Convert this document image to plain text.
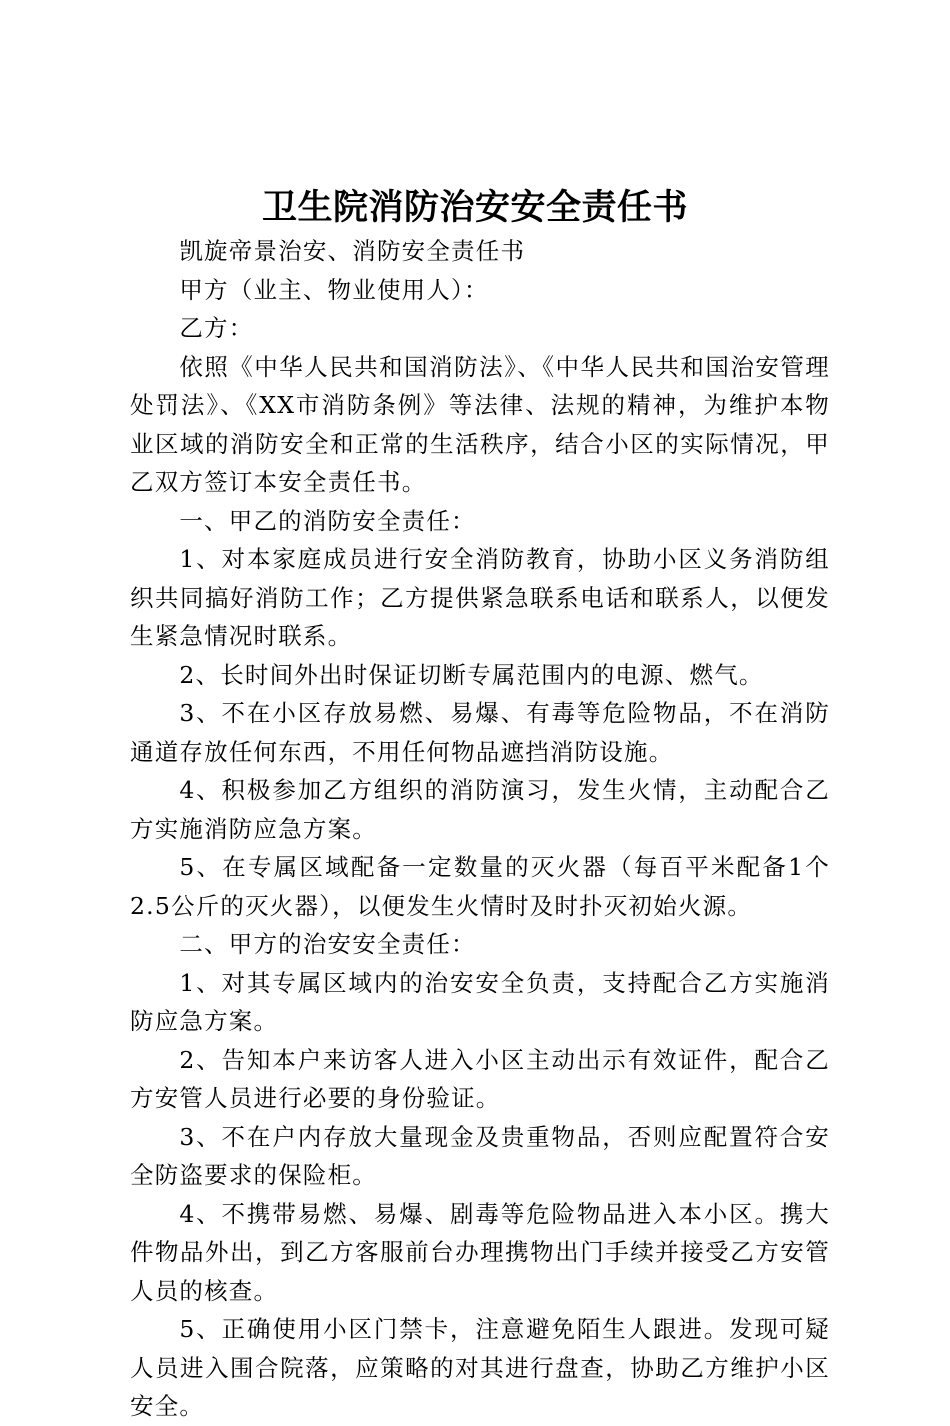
卫生院消防治安安全责任书

凯旋帝景治安、消防安全责任书

甲方（业主、物业使用人）：

乙方：

依照《中华人民共和国消防法》、《中华人民共和国治安管理处罚法》、《XX市消防条例》等法律、法规的精神，为维护本物业区域的消防安全和正常的生活秩序，结合小区的实际情况，甲乙双方签订本安全责任书。

一、甲乙的消防安全责任：

1、对本家庭成员进行安全消防教育，协助小区义务消防组织共同搞好消防工作；乙方提供紧急联系电话和联系人，以便发生紧急情况时联系。

2、长时间外出时保证切断专属范围内的电源、燃气。

3、不在小区存放易燃、易爆、有毒等危险物品，不在消防通道存放任何东西，不用任何物品遮挡消防设施。

4、积极参加乙方组织的消防演习，发生火情，主动配合乙方实施消防应急方案。

5、在专属区域配备一定数量的灭火器（每百平米配备1个2.5公斤的灭火器），以便发生火情时及时扑灭初始火源。

二、甲方的治安安全责任：

1、对其专属区域内的治安安全负责，支持配合乙方实施消防应急方案。

2、告知本户来访客人进入小区主动出示有效证件，配合乙方安管人员进行必要的身份验证。

3、不在户内存放大量现金及贵重物品，否则应配置符合安全防盗要求的保险柜。

4、不携带易燃、易爆、剧毒等危险物品进入本小区。携大件物品外出，到乙方客服前台办理携物出门手续并接受乙方安管人员的核查。

5、正确使用小区门禁卡，注意避免陌生人跟进。发现可疑人员进入围合院落，应策略的对其进行盘查，协助乙方维护小区安全。
